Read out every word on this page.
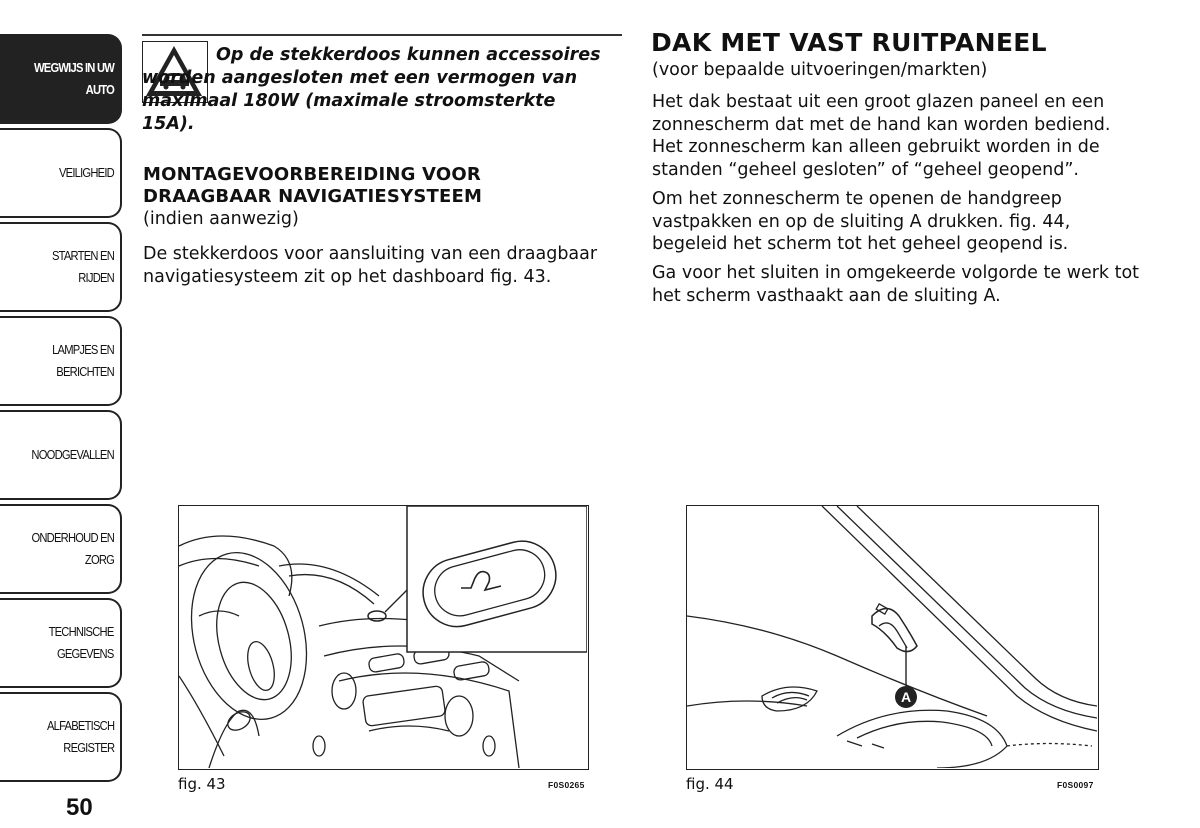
WEGWIJS IN UW
AUTO
VEILIGHEID
STARTEN EN RIJDEN
LAMPJES EN
BERICHTEN
NOODGEVALLEN
ONDERHOUD EN
ZORG
TECHNISCHE
GEGEVENS
ALFABETISCH
REGISTER
50
Op de stekkerdoos kunnen accessoires worden aangesloten met een vermogen van maximaal 180W (maximale stroomsterkte 15A).
MONTAGEVOORBEREIDING VOOR
DRAAGBAAR NAVIGATIESYSTEEM
(indien aanwezig)
De stekkerdoos voor aansluiting van een draagbaar navigatiesysteem zit op het dashboard fig. 43.
DAK MET VAST RUITPANEEL
(voor bepaalde uitvoeringen/markten)
Het dak bestaat uit een groot glazen paneel en een zonnescherm dat met de hand kan worden bediend. Het zonnescherm kan alleen gebruikt worden in de standen “geheel gesloten” of “geheel geopend”.
Om het zonnescherm te openen de handgreep vastpakken en op de sluiting A drukken. fig. 44, begeleid het scherm tot het geheel geopend is.
Ga voor het sluiten in omgekeerde volgorde te werk tot het scherm vasthaakt aan de sluiting A.
fig. 43	F0S0265
A
fig. 44	F0S0097
